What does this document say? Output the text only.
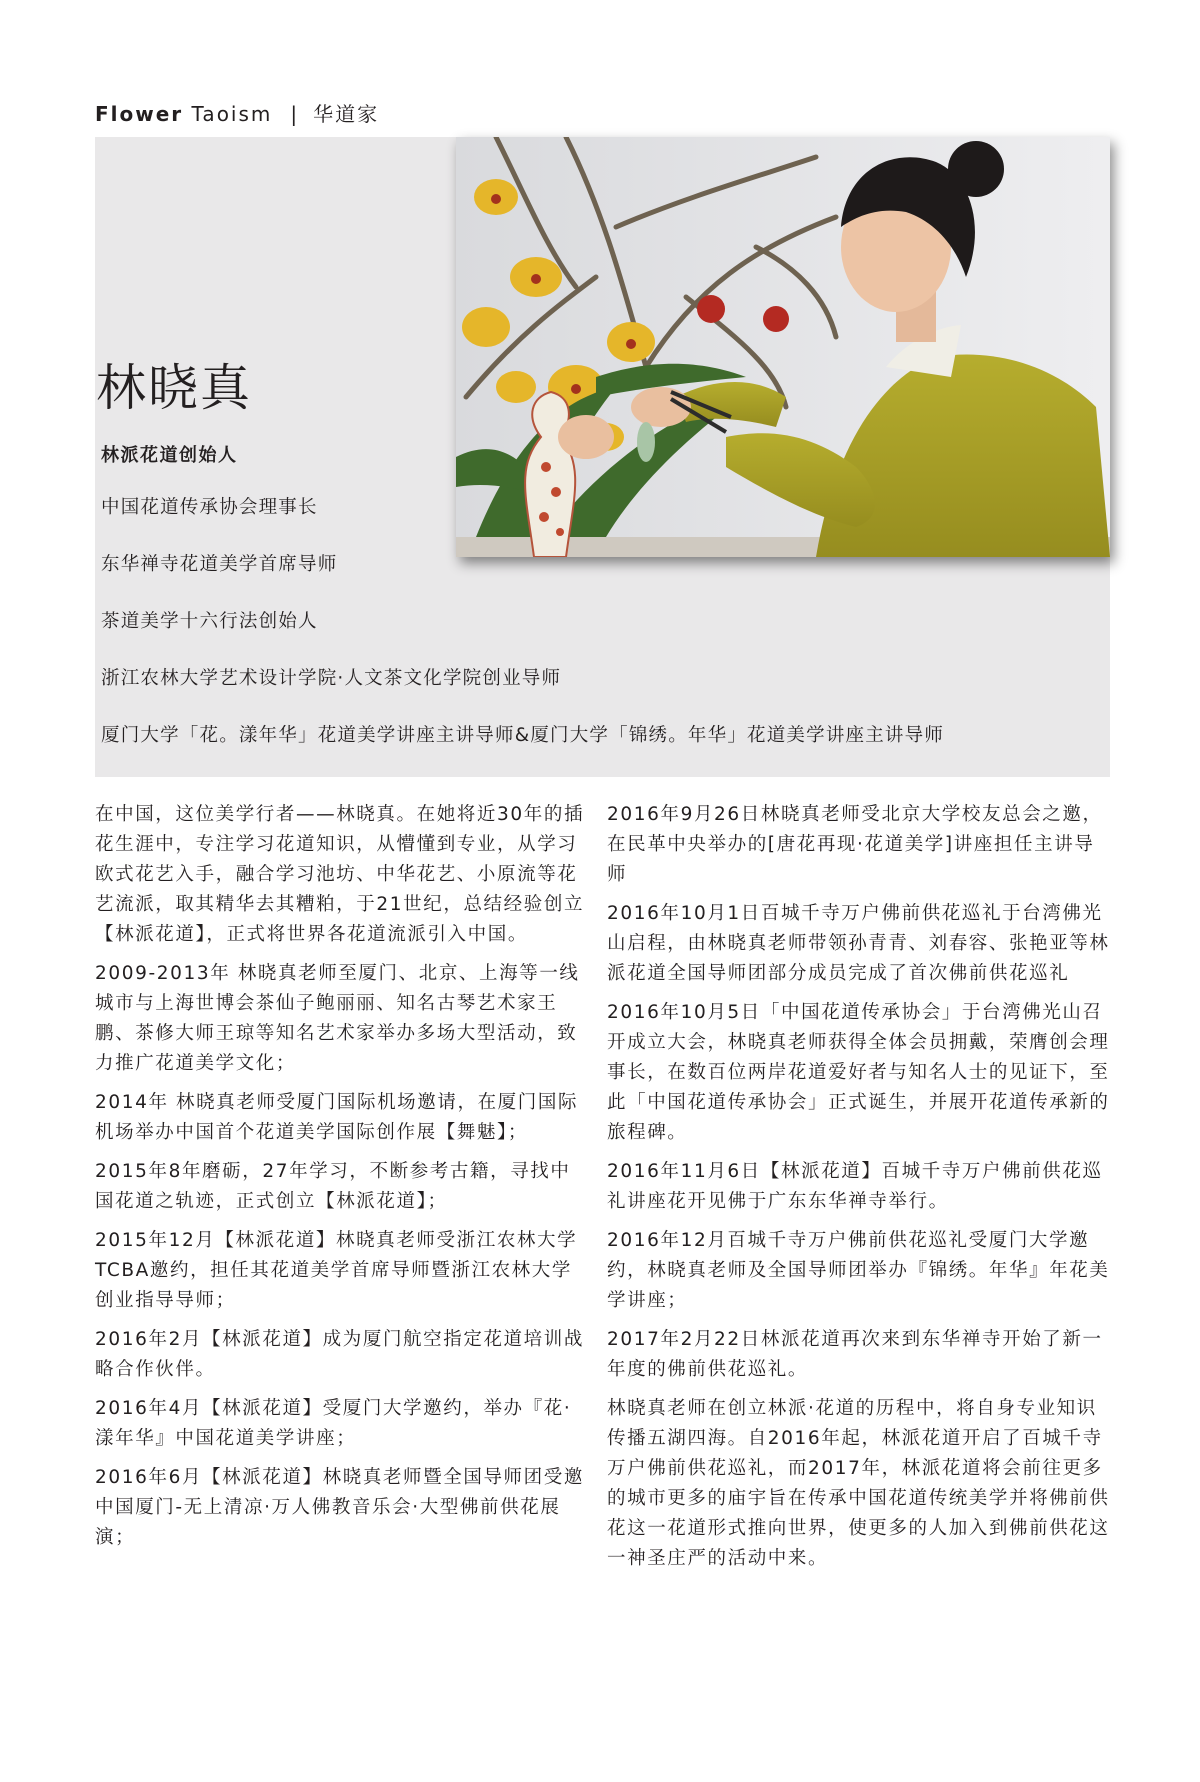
Flower Taoism | 华道家
林晓真
林派花道创始人
中国花道传承协会理事长
东华禅寺花道美学首席导师
茶道美学十六行法创始人
浙江农林大学艺术设计学院·人文茶文化学院创业导师
厦门大学「花。漾年华」花道美学讲座主讲导师&厦门大学「锦绣。年华」花道美学讲座主讲导师

在中国，这位美学行者——林晓真。在她将近30年的插花生涯中，专注学习花道知识，从懵懂到专业，从学习欧式花艺入手，融合学习池坊、中华花艺、小原流等花艺流派，取其精华去其糟粕，于21世纪，总结经验创立【林派花道】，正式将世界各花道流派引入中国。

2009-2013年 林晓真老师至厦门、北京、上海等一线城市与上海世博会茶仙子鲍丽丽、知名古琴艺术家王鹏、茶修大师王琼等知名艺术家举办多场大型活动，致力推广花道美学文化；

2014年 林晓真老师受厦门国际机场邀请，在厦门国际机场举办中国首个花道美学国际创作展【舞魅】；

2015年8年磨砺，27年学习，不断参考古籍，寻找中国花道之轨迹，正式创立【林派花道】；

2015年12月【林派花道】林晓真老师受浙江农林大学TCBA邀约，担任其花道美学首席导师暨浙江农林大学创业指导导师；

2016年2月【林派花道】成为厦门航空指定花道培训战略合作伙伴。

2016年4月【林派花道】受厦门大学邀约，举办『花·漾年华』中国花道美学讲座；

2016年6月【林派花道】林晓真老师暨全国导师团受邀中国厦门-无上清凉·万人佛教音乐会·大型佛前供花展演；

2016年9月26日林晓真老师受北京大学校友总会之邀，在民革中央举办的[唐花再现·花道美学]讲座担任主讲导师

2016年10月1日百城千寺万户佛前供花巡礼于台湾佛光山启程，由林晓真老师带领孙青青、刘春容、张艳亚等林派花道全国导师团部分成员完成了首次佛前供花巡礼

2016年10月5日「中国花道传承协会」于台湾佛光山召开成立大会，林晓真老师获得全体会员拥戴，荣膺创会理事长，在数百位两岸花道爱好者与知名人士的见证下，至此「中国花道传承协会」正式诞生，并展开花道传承新的旅程碑。

2016年11月6日【林派花道】百城千寺万户佛前供花巡礼讲座花开见佛于广东东华禅寺举行。

2016年12月百城千寺万户佛前供花巡礼受厦门大学邀约，林晓真老师及全国导师团举办『锦绣。年华』年花美学讲座；

2017年2月22日林派花道再次来到东华禅寺开始了新一年度的佛前供花巡礼。

林晓真老师在创立林派·花道的历程中，将自身专业知识传播五湖四海。自2016年起，林派花道开启了百城千寺万户佛前供花巡礼，而2017年，林派花道将会前往更多的城市更多的庙宇旨在传承中国花道传统美学并将佛前供花这一花道形式推向世界，使更多的人加入到佛前供花这一神圣庄严的活动中来。
